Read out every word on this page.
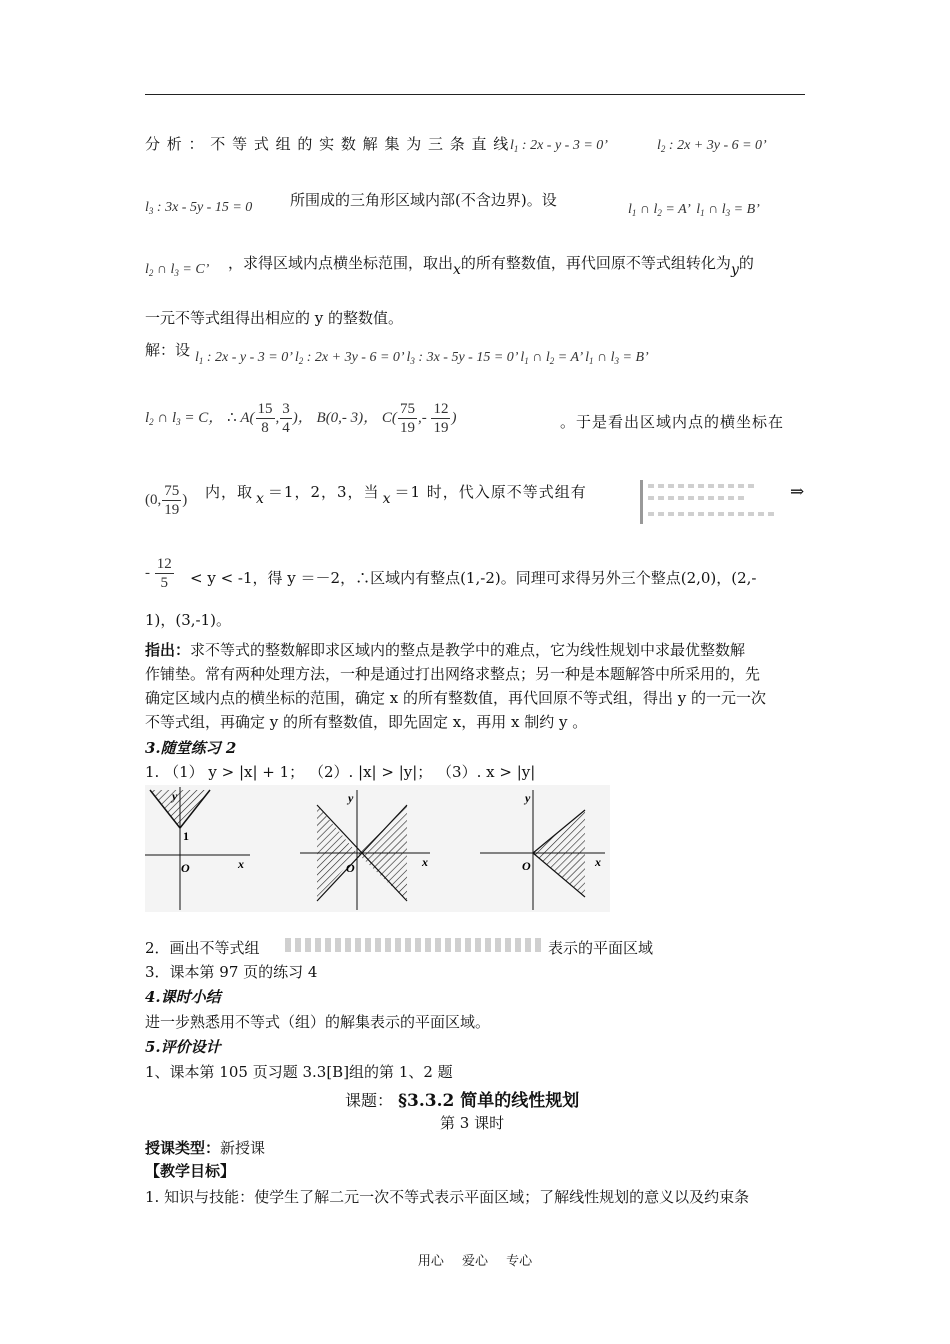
分 析 ： 不 等 式 组 的 实 数 解 集 为 三 条 直 线 $l_1$ : 2x - y - 3 = 0’	$l_2$ : 2x + 3y - 6 = 0’
$l_3$ : 3x - 5y - 15 = 0	所围成的三角形区域内部(不含边界)。设
$l_1$ ∩ $l_2 = A$’  $l_1$ ∩ $l_3 = B$’
$l_2$ ∩ $l_3 = C$’ ，求得区域内点横坐标范围，取出x的所有整数值，再代回原不等式组转化为y的
一元不等式组得出相应的 y 的整数值。
解：设 $l_1$ : 2x - y - 3 = 0’ $l_2$ : 2x + 3y - 6 = 0’ $l_3$ : 3x - 5y - 15 = 0’ $l_1$ ∩ $l_2 = A$’ $l_1$ ∩ $l_3 = B$’
$l_2$ ∩ $l_3 = C$， ∴ $A( \frac{15}{8}$ , $\frac{3}{4}$ )， B(0,- 3)， $C( \frac{75}{19}$ ,- $\frac{12}{19}$ )	。于是看出区域内点的横坐标在
(0, $\frac{75}{19}$ ) 内，取 x ＝1，2，3，当 x ＝1 时，代入原不等式组有	⇒
- $\frac{12}{5} < y < -1$，得 y ＝－2，∴区域内有整点(1,-2)。同理可求得另外三个整点(2,0)，(2,-
1)，(3,-1)。
指出：求不等式的整数解即求区域内的整点是教学中的难点，它为线性规划中求最优整数解
作铺垫。常有两种处理方法，一种是通过打出网络求整点；另一种是本题解答中所采用的，先
确定区域内点的横坐标的范围，确定 x 的所有整数值，再代回原不等式组，得出 y 的一元一次
不等式组，再确定 y 的所有整数值，即先固定 x，再用 x 制约 y 。
3.随堂练习 2
1. （1） y > |x| + 1； （2）. |x| > |y|； （3）. x > |y|
x
y
1
O	x
y
O	x
y
O
2．画出不等式组	表示的平面区域
3．课本第 97 页的练习 4
4.课时小结
进一步熟悉用不等式（组）的解集表示的平面区域。
5.评价设计
1、课本第 105 页习题 3.3[B]组的第 1、2 题
课题： §3.3.2 简单的线性规划
第 3 课时
授课类型：新授课
【教学目标】
1. 知识与技能：使学生了解二元一次不等式表示平面区域；了解线性规划的意义以及约束条
用心 爱心 专心
